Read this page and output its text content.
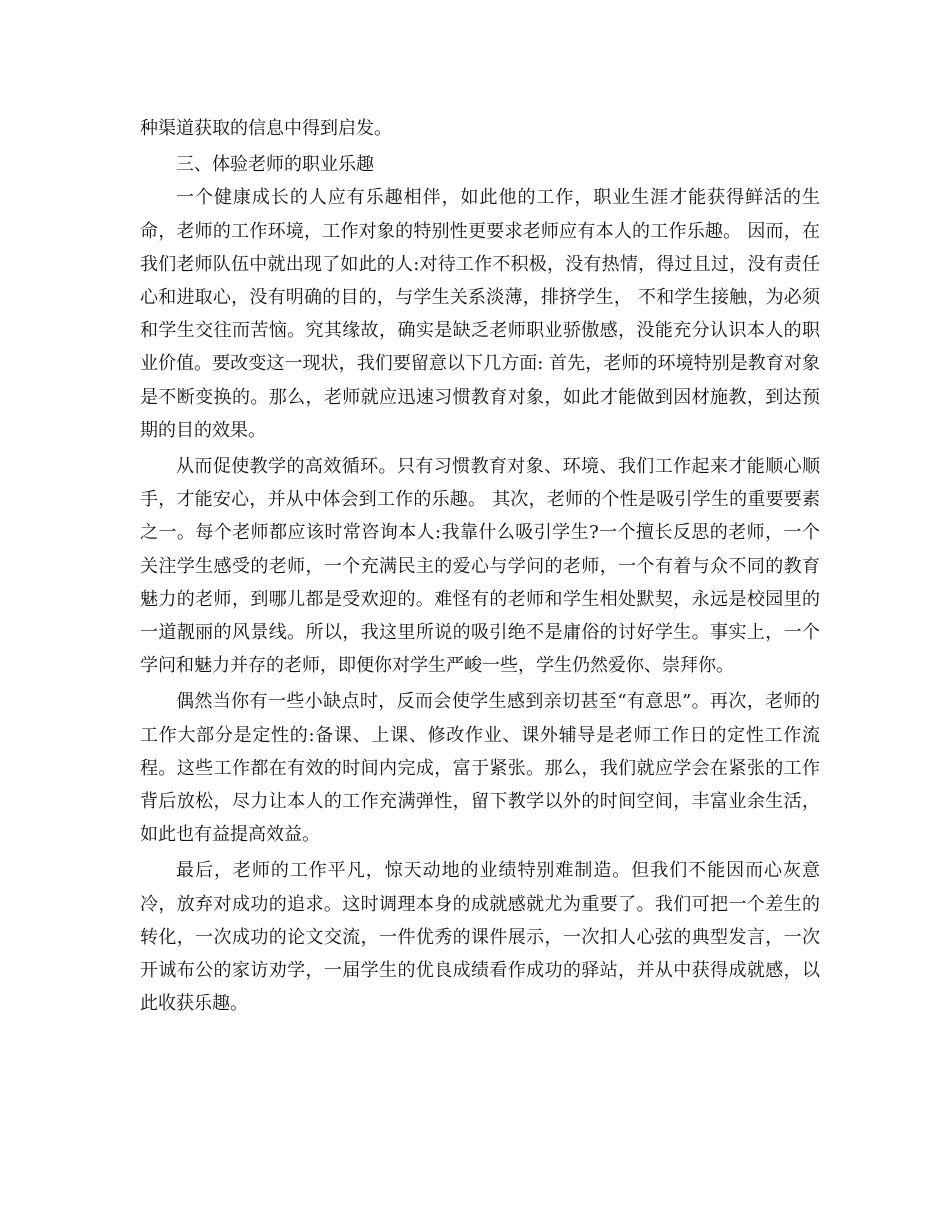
种渠道获取的信息中得到启发。

三、体验老师的职业乐趣

一个健康成长的人应有乐趣相伴，如此他的工作，职业生涯才能获得鲜活的生命，老师的工作环境，工作对象的特别性更要求老师应有本人的工作乐趣。 因而，在我们老师队伍中就出现了如此的人:对待工作不积极，没有热情，得过且过，没有责任心和进取心，没有明确的目的，与学生关系淡薄，排挤学生， 不和学生接触，为必须和学生交往而苦恼。究其缘故，确实是缺乏老师职业骄傲感，没能充分认识本人的职业价值。要改变这一现状，我们要留意以下几方面: 首先，老师的环境特别是教育对象是不断变换的。那么，老师就应迅速习惯教育对象，如此才能做到因材施教，到达预期的目的效果。

从而促使教学的高效循环。只有习惯教育对象、环境、我们工作起来才能顺心顺手，才能安心，并从中体会到工作的乐趣。 其次，老师的个性是吸引学生的重要要素之一。每个老师都应该时常咨询本人:我靠什么吸引学生?一个擅长反思的老师，一个关注学生感受的老师，一个充满民主的爱心与学问的老师，一个有着与众不同的教育魅力的老师，到哪儿都是受欢迎的。难怪有的老师和学生相处默契，永远是校园里的一道靓丽的风景线。所以，我这里所说的吸引绝不是庸俗的讨好学生。事实上，一个学问和魅力并存的老师，即便你对学生严峻一些，学生仍然爱你、崇拜你。

偶然当你有一些小缺点时，反而会使学生感到亲切甚至“有意思”。再次，老师的工作大部分是定性的:备课、上课、修改作业、课外辅导是老师工作日的定性工作流程。这些工作都在有效的时间内完成，富于紧张。那么，我们就应学会在紧张的工作背后放松，尽力让本人的工作充满弹性，留下教学以外的时间空间，丰富业余生活，如此也有益提高效益。

最后，老师的工作平凡，惊天动地的业绩特别难制造。但我们不能因而心灰意冷，放弃对成功的追求。这时调理本身的成就感就尤为重要了。我们可把一个差生的转化，一次成功的论文交流，一件优秀的课件展示，一次扣人心弦的典型发言，一次开诚布公的家访劝学，一届学生的优良成绩看作成功的驿站，并从中获得成就感，以此收获乐趣。
